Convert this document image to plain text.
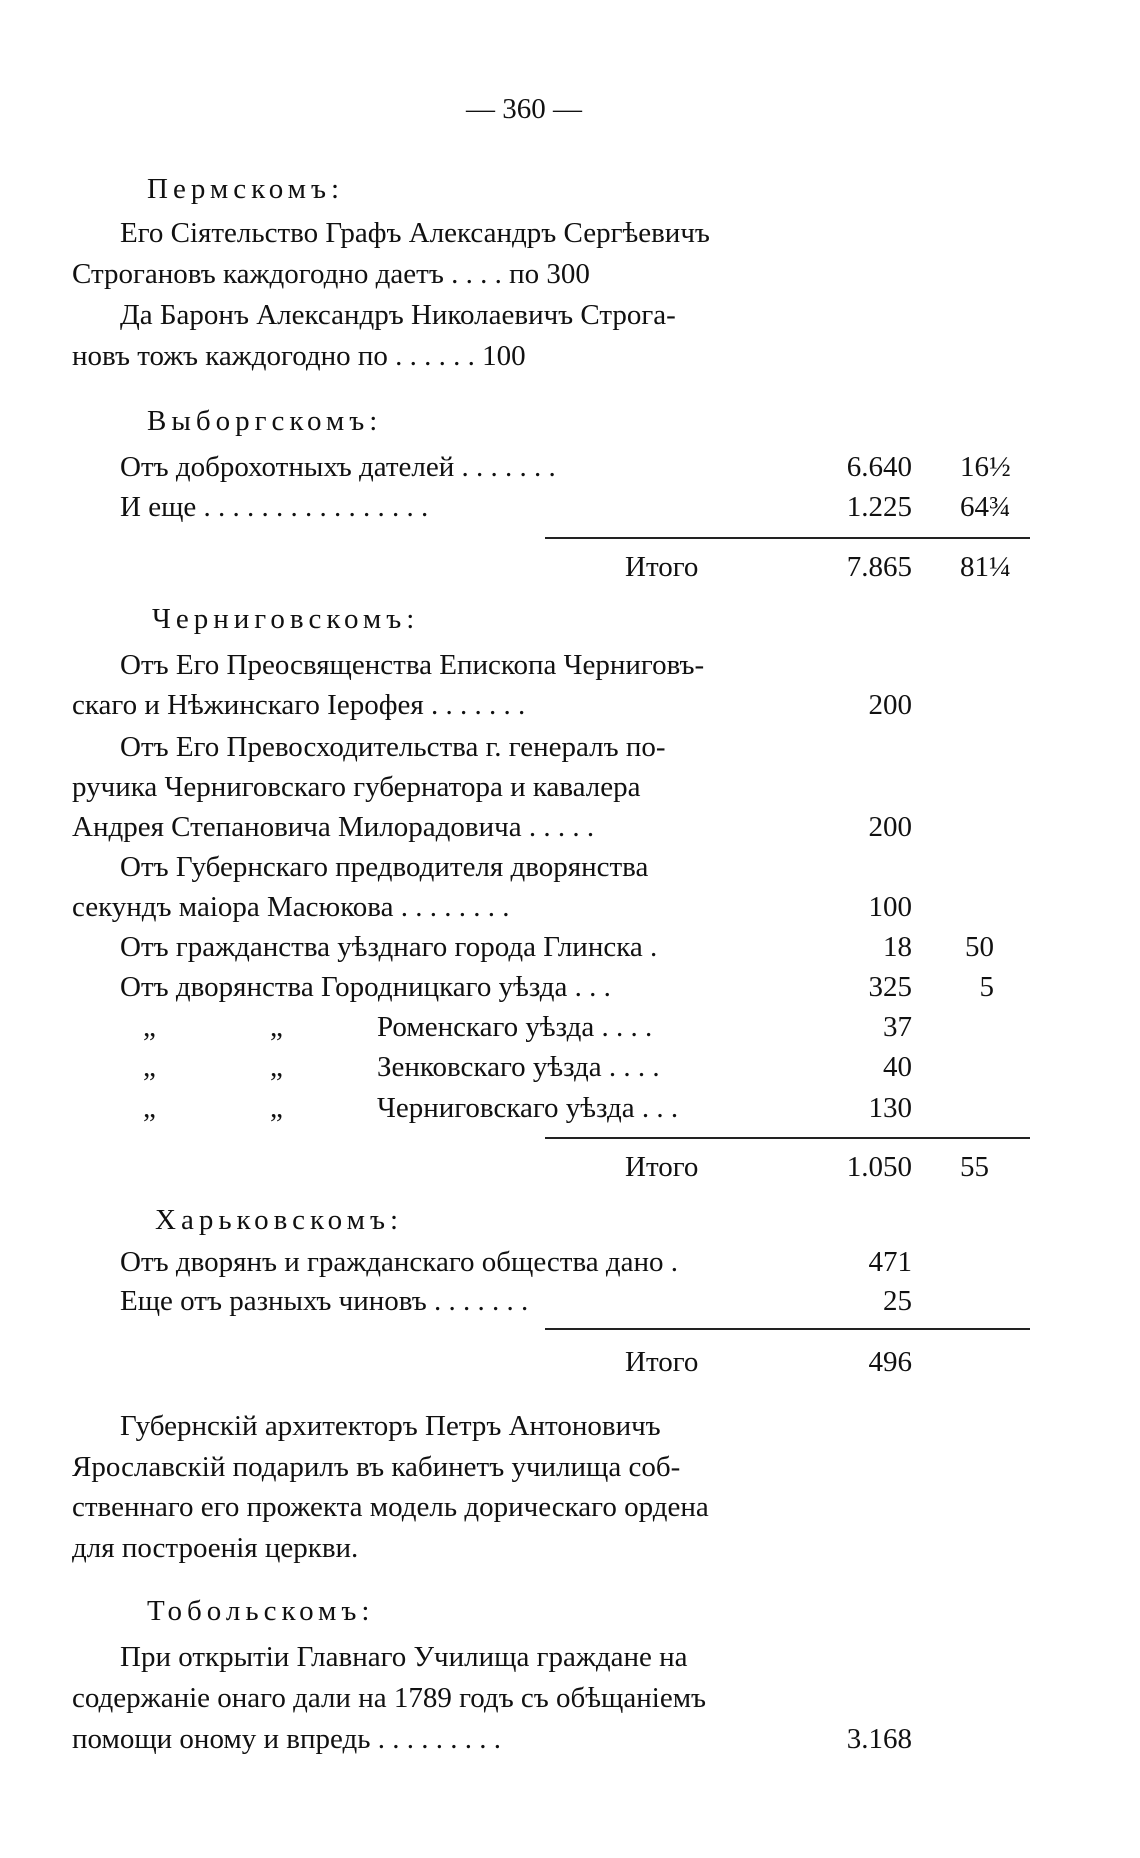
— 360 —
Пермскомъ:
Его Сіятельство Графъ Александръ Сергѣевичъ
Строгановъ каждогодно даетъ . . . . по 300
Да Баронъ Александръ Николаевичъ Строга-
новъ тожъ каждогодно по . . . . . . 100
Выборгскомъ:
Отъ доброхотныхъ дателей . . . . . . .	6.640 16½
И еще . . . . . . . . . . . . . . . .	1.225 64¾
Итого	7.865 81¼
Черниговскомъ:
Отъ Его Преосвященства Епископа Черниговъ-
скаго и Нѣжинскаго Іерофея . . . . . . .	200
Отъ Его Превосходительства г. генералъ по-
ручика Черниговскаго губернатора и кавалера
Андрея Степановича Милорадовича . . . . .	200
Отъ Губернскаго предводителя дворянства
секундъ маіора Масюкова . . . . . . . .	100
Отъ гражданства уѣзднаго города Глинска .	18	50
Отъ дворянства Городницкаго уѣзда . . .	325	5
„	„	Роменскаго уѣзда . . . .	37
„	„	Зенковскаго уѣзда . . . .	40
„	„	Черниговскаго уѣзда . . .	130
Итого	1.050 55
Харьковскомъ:
Отъ дворянъ и гражданскаго общества дано .	471
Еще отъ разныхъ чиновъ . . . . . . .	25
Итого	496
Губернскій архитекторъ Петръ Антоновичъ
Ярославскій подарилъ въ кабинетъ училища соб-
ственнаго его прожекта модель дорическаго ордена
для построенія церкви.
Тобольскомъ:
При открытіи Главнаго Училища граждане на
содержаніе онаго дали на 1789 годъ съ обѣщаніемъ
помощи оному и впредь . . . . . . . . .	3.168
